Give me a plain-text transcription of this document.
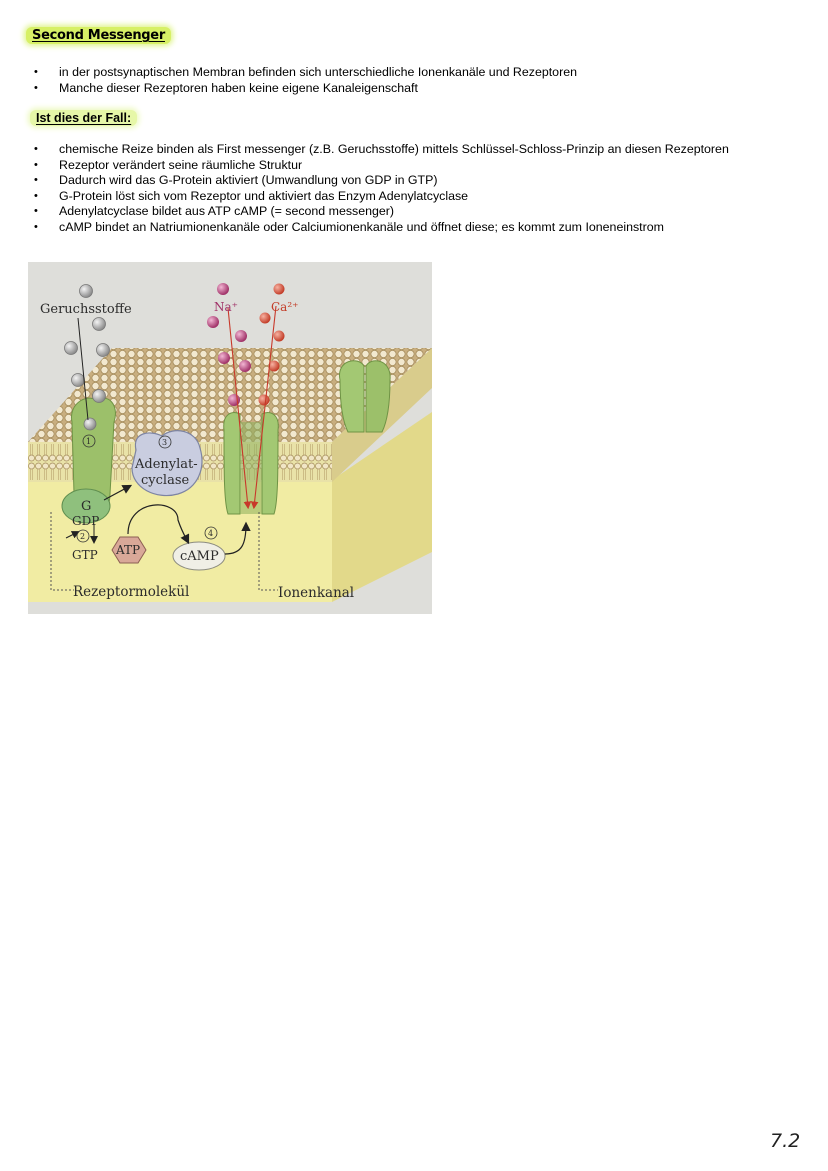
Second Messenger
• in der postsynaptischen Membran befinden sich unterschiedliche Ionenkanäle und Rezeptoren
• Manche dieser Rezeptoren haben keine eigene Kanaleigenschaft
Ist dies der Fall:
• chemische Reize binden als First messenger (z.B. Geruchsstoffe) mittels Schlüssel-Schloss-Prinzip an diesen Rezeptoren
• Rezeptor verändert seine räumliche Struktur
• Dadurch wird das G-Protein aktiviert (Umwandlung von GDP in GTP)
• G-Protein löst sich vom Rezeptor und aktiviert das Enzym Adenylatcyclase
• Adenylatcyclase bildet aus ATP cAMP (= second messenger)
• cAMP bindet an Natriumionenkanäle oder Calciumionenkanäle und öffnet diese; es kommt zum Ioneneinstrom
Geruchsstoffe	Na⁺	Ca²⁺
1
2
3
4
Adenylat-
cyclase
G
GDP
GTP ATP	cAMP
Rezeptormolekül	Ionenkanal
7.2
